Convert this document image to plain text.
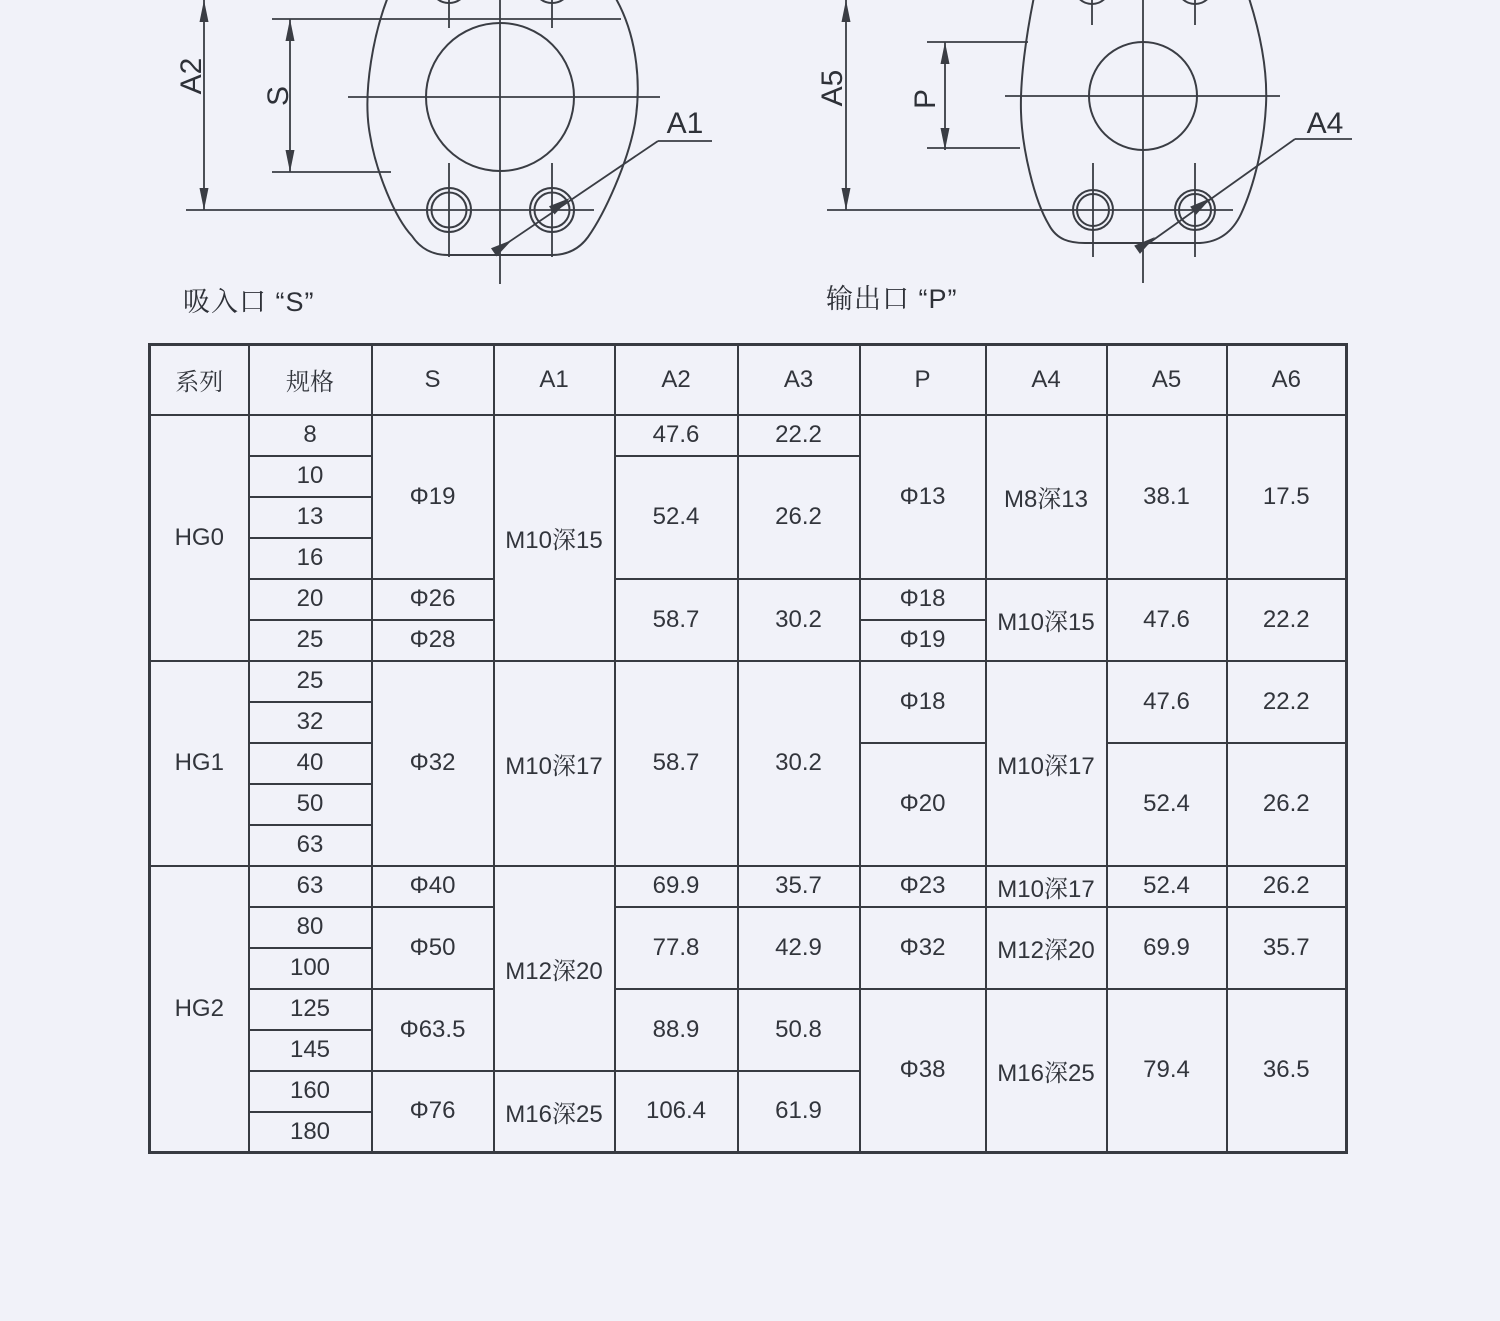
S
A2
A1
P
A5
A4
吸入口 “S”	输出口 “P”
系列	规格	S	A1	A2	A3	P	A4	A5	A6
HG0	8	Φ19	M10深15	47.6	22.2	Φ13	M8深13	38.1	17.5
	10			52.4	26.2				
	13								
	16								
	20	Φ26		58.7	30.2	Φ18	M10深15	47.6	22.2
	25	Φ28				Φ19			
HG1	25	Φ32	M10深17	58.7	30.2	Φ18	M10深17	47.6	22.2
	32								
	40					Φ20		52.4	26.2
	50								
	63								
HG2	63	Φ40	M12深20	69.9	35.7	Φ23	M10深17	52.4	26.2
	80	Φ50		77.8	42.9	Φ32	M12深20	69.9	35.7
	100								
	125	Φ63.5		88.9	50.8	Φ38	M16深25	79.4	36.5
	145								
	160	Φ76	M16深25	106.4	61.9				
	180								
